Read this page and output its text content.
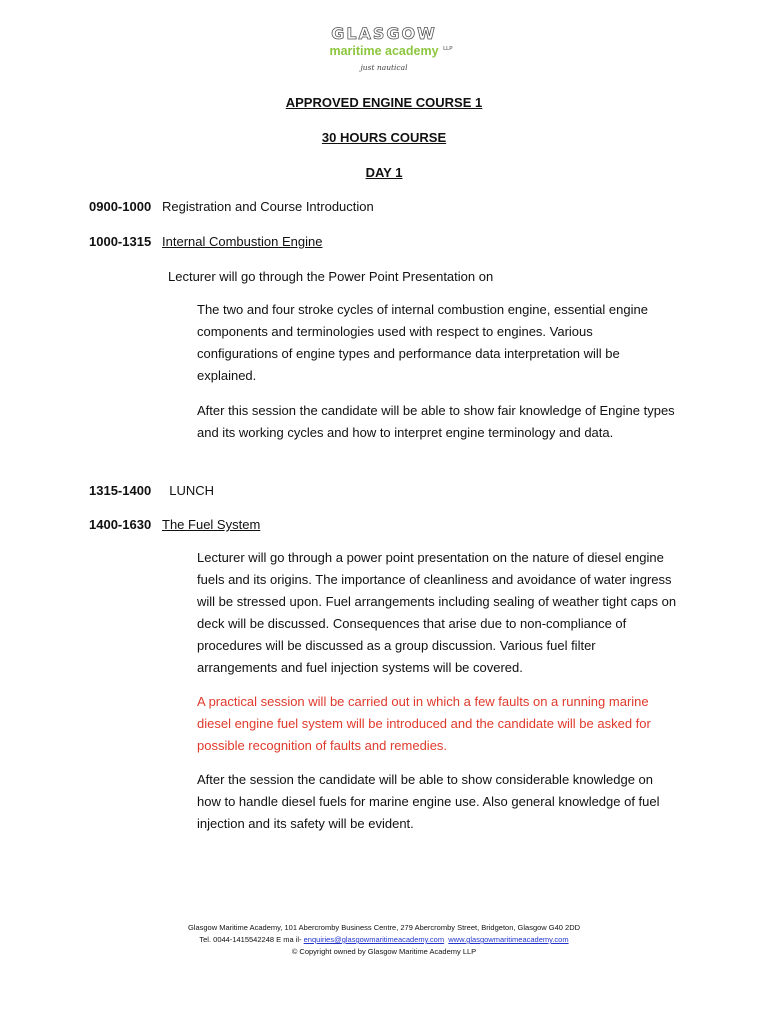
GLASGOW
maritime academy LLP
just nautical
APPROVED ENGINE COURSE 1
30 HOURS COURSE
DAY 1
0900-1000 Registration and Course Introduction
1000-1315 Internal Combustion Engine
Lecturer will go through the Power Point Presentation on

The two and four stroke cycles of internal combustion engine, essential engine components and terminologies used with respect to engines. Various configurations of engine types and performance data interpretation will be explained.

After this session the candidate will be able to show fair knowledge of Engine types and its working cycles and how to interpret engine terminology and data.

1315-1400 LUNCH
1400-1630 The Fuel System

Lecturer will go through a power point presentation on the nature of diesel engine fuels and its origins. The importance of cleanliness and avoidance of water ingress will be stressed upon. Fuel arrangements including sealing of weather tight caps on deck will be discussed. Consequences that arise due to non-compliance of procedures will be discussed as a group discussion. Various fuel filter arrangements and fuel injection systems will be covered.

A practical session will be carried out in which a few faults on a running marine diesel engine fuel system will be introduced and the candidate will be asked for possible recognition of faults and remedies.

After the session the candidate will be able to show considerable knowledge on how to handle diesel fuels for marine engine use. Also general knowledge of fuel injection and its safety will be evident.

Glasgow Maritime Academy, 101 Abercromby Business Centre, 279 Abercromby Street, Bridgeton, Glasgow G40 2DD
Tel. 0044-1415542248 E ma il- enquiries@glasgowmaritimeacademy.com www.glasgowmaritimeacademy.com
© Copyright owned by Glasgow Maritime Academy LLP
